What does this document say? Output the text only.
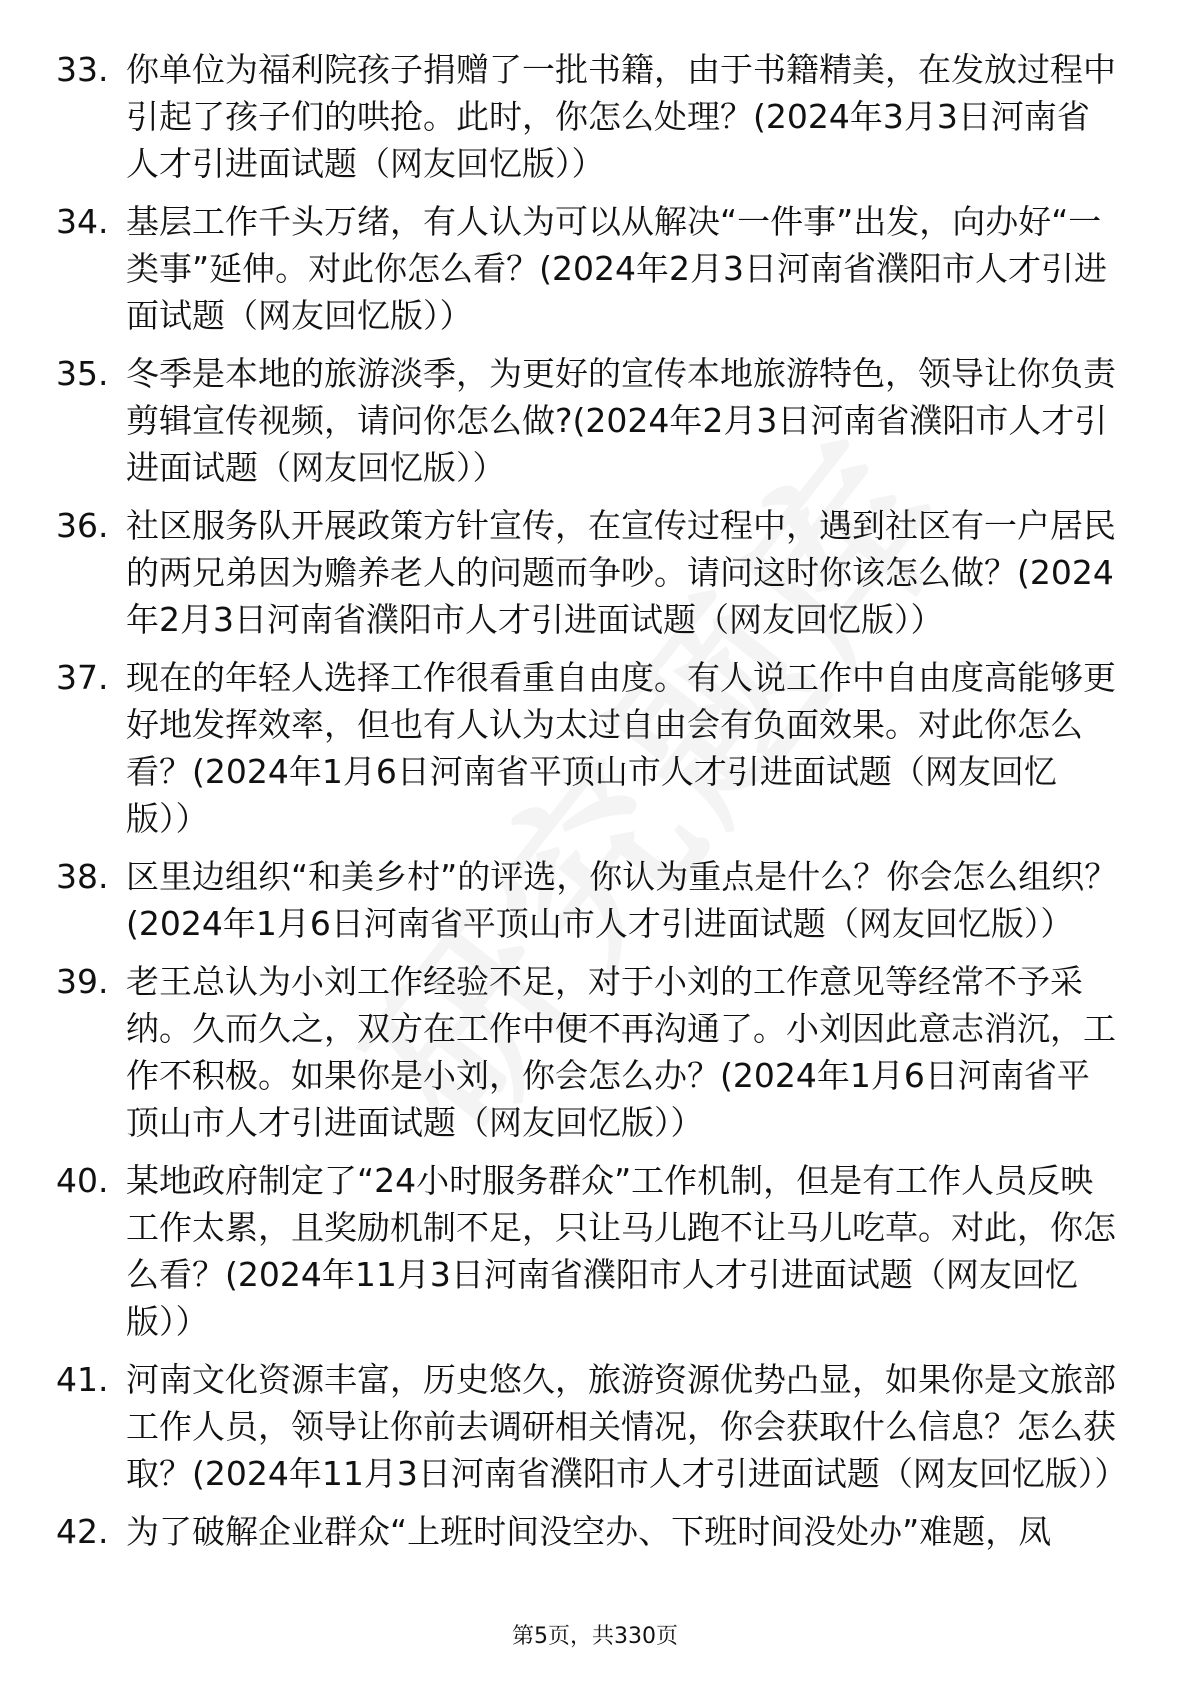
33. 你单位为福利院孩子捐赠了一批书籍，由于书籍精美，在发放过程中引起了孩子们的哄抢。此时，你怎么处理？(2024年3月3日河南省人才引进面试题（网友回忆版））
34. 基层工作千头万绪，有人认为可以从解决“一件事”出发，向办好“一类事”延伸。对此你怎么看？(2024年2月3日河南省濮阳市人才引进面试题（网友回忆版））
35. 冬季是本地的旅游淡季，为更好的宣传本地旅游特色，领导让你负责剪辑宣传视频，请问你怎么做?(2024年2月3日河南省濮阳市人才引进面试题（网友回忆版））
36. 社区服务队开展政策方针宣传，在宣传过程中，遇到社区有一户居民的两兄弟因为赡养老人的问题而争吵。请问这时你该怎么做？(2024年2月3日河南省濮阳市人才引进面试题（网友回忆版））
37. 现在的年轻人选择工作很看重自由度。有人说工作中自由度高能够更好地发挥效率，但也有人认为太过自由会有负面效果。对此你怎么看？(2024年1月6日河南省平顶山市人才引进面试题（网友回忆版））
38. 区里边组织“和美乡村”的评选，你认为重点是什么？你会怎么组织？(2024年1月6日河南省平顶山市人才引进面试题（网友回忆版））
39. 老王总认为小刘工作经验不足，对于小刘的工作意见等经常不予采纳。久而久之，双方在工作中便不再沟通了。小刘因此意志消沉，工作不积极。如果你是小刘，你会怎么办？(2024年1月6日河南省平顶山市人才引进面试题（网友回忆版））
40. 某地政府制定了“24小时服务群众”工作机制，但是有工作人员反映工作太累，且奖励机制不足，只让马儿跑不让马儿吃草。对此，你怎么看？(2024年11月3日河南省濮阳市人才引进面试题（网友回忆版））
41. 河南文化资源丰富，历史悠久，旅游资源优势凸显，如果你是文旅部工作人员，领导让你前去调研相关情况，你会获取什么信息？怎么获取？(2024年11月3日河南省濮阳市人才引进面试题（网友回忆版））
42. 为了破解企业群众“上班时间没空办、下班时间没处办”难题，凤
第5页，共330页
